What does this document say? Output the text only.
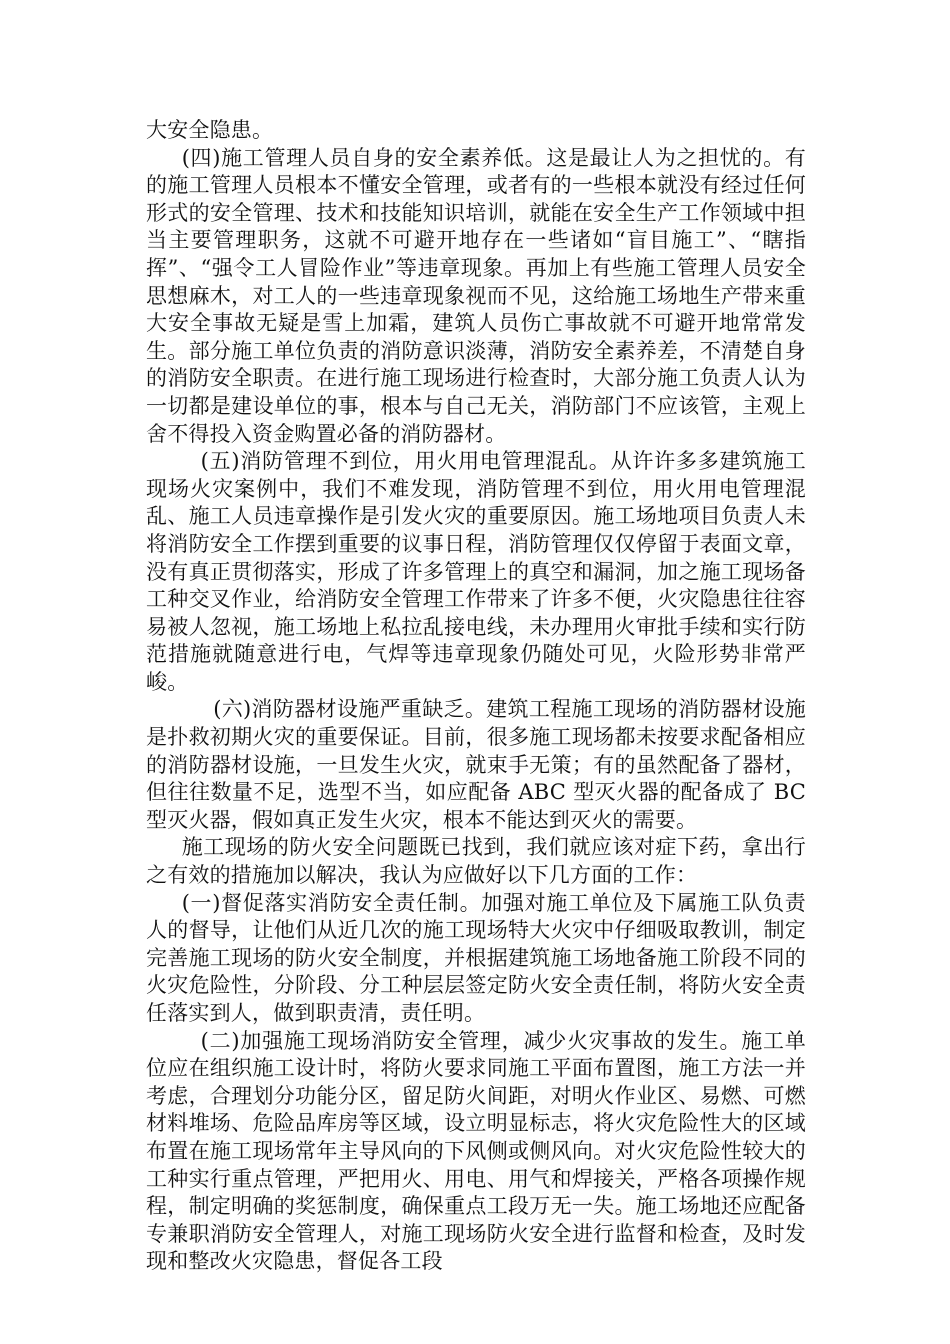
大安全隐患。

(四)施工管理人员自身的安全素养低。这是最让人为之担忧的。有的施工管理人员根本不懂安全管理，或者有的一些根本就没有经过任何形式的安全管理、技术和技能知识培训，就能在安全生产工作领域中担当主要管理职务，这就不可避开地存在一些诸如“盲目施工”、“瞎指挥”、“强令工人冒险作业”等违章现象。再加上有些施工管理人员安全思想麻木，对工人的一些违章现象视而不见，这给施工场地生产带来重大安全事故无疑是雪上加霜，建筑人员伤亡事故就不可避开地常常发生。部分施工单位负责的消防意识淡薄，消防安全素养差，不清楚自身的消防安全职责。在进行施工现场进行检查时，大部分施工负责人认为一切都是建设单位的事，根本与自己无关，消防部门不应该管，主观上舍不得投入资金购置必备的消防器材。

(五)消防管理不到位，用火用电管理混乱。从许许多多建筑施工现场火灾案例中，我们不难发现，消防管理不到位，用火用电管理混乱、施工人员违章操作是引发火灾的重要原因。施工场地项目负责人未将消防安全工作摆到重要的议事日程，消防管理仅仅停留于表面文章，没有真正贯彻落实，形成了许多管理上的真空和漏洞，加之施工现场备工种交叉作业，给消防安全管理工作带来了许多不便，火灾隐患往往容易被人忽视，施工场地上私拉乱接电线，未办理用火审批手续和实行防范措施就随意进行电，气焊等违章现象仍随处可见，火险形势非常严峻。

(六)消防器材设施严重缺乏。建筑工程施工现场的消防器材设施是扑救初期火灾的重要保证。目前，很多施工现场都未按要求配备相应的消防器材设施，一旦发生火灾，就束手无策；有的虽然配备了器材，但往往数量不足，选型不当，如应配备 ABC 型灭火器的配备成了 BC 型灭火器，假如真正发生火灾，根本不能达到灭火的需要。

施工现场的防火安全问题既已找到，我们就应该对症下药，拿出行之有效的措施加以解决，我认为应做好以下几方面的工作：

(一)督促落实消防安全责任制。加强对施工单位及下属施工队负责人的督导，让他们从近几次的施工现场特大火灾中仔细吸取教训，制定完善施工现场的防火安全制度，并根据建筑施工场地备施工阶段不同的火灾危险性，分阶段、分工种层层签定防火安全责任制，将防火安全责任落实到人，做到职责清，责任明。

(二)加强施工现场消防安全管理，减少火灾事故的发生。施工单位应在组织施工设计时，将防火要求同施工平面布置图，施工方法一并考虑，合理划分功能分区，留足防火间距，对明火作业区、易燃、可燃材料堆场、危险品库房等区域，设立明显标志，将火灾危险性大的区域布置在施工现场常年主导风向的下风侧或侧风向。对火灾危险性较大的工种实行重点管理，严把用火、用电、用气和焊接关，严格各项操作规程，制定明确的奖惩制度，确保重点工段万无一失。施工场地还应配备专兼职消防安全管理人，对施工现场防火安全进行监督和检查，及时发现和整改火灾隐患，督促各工段
